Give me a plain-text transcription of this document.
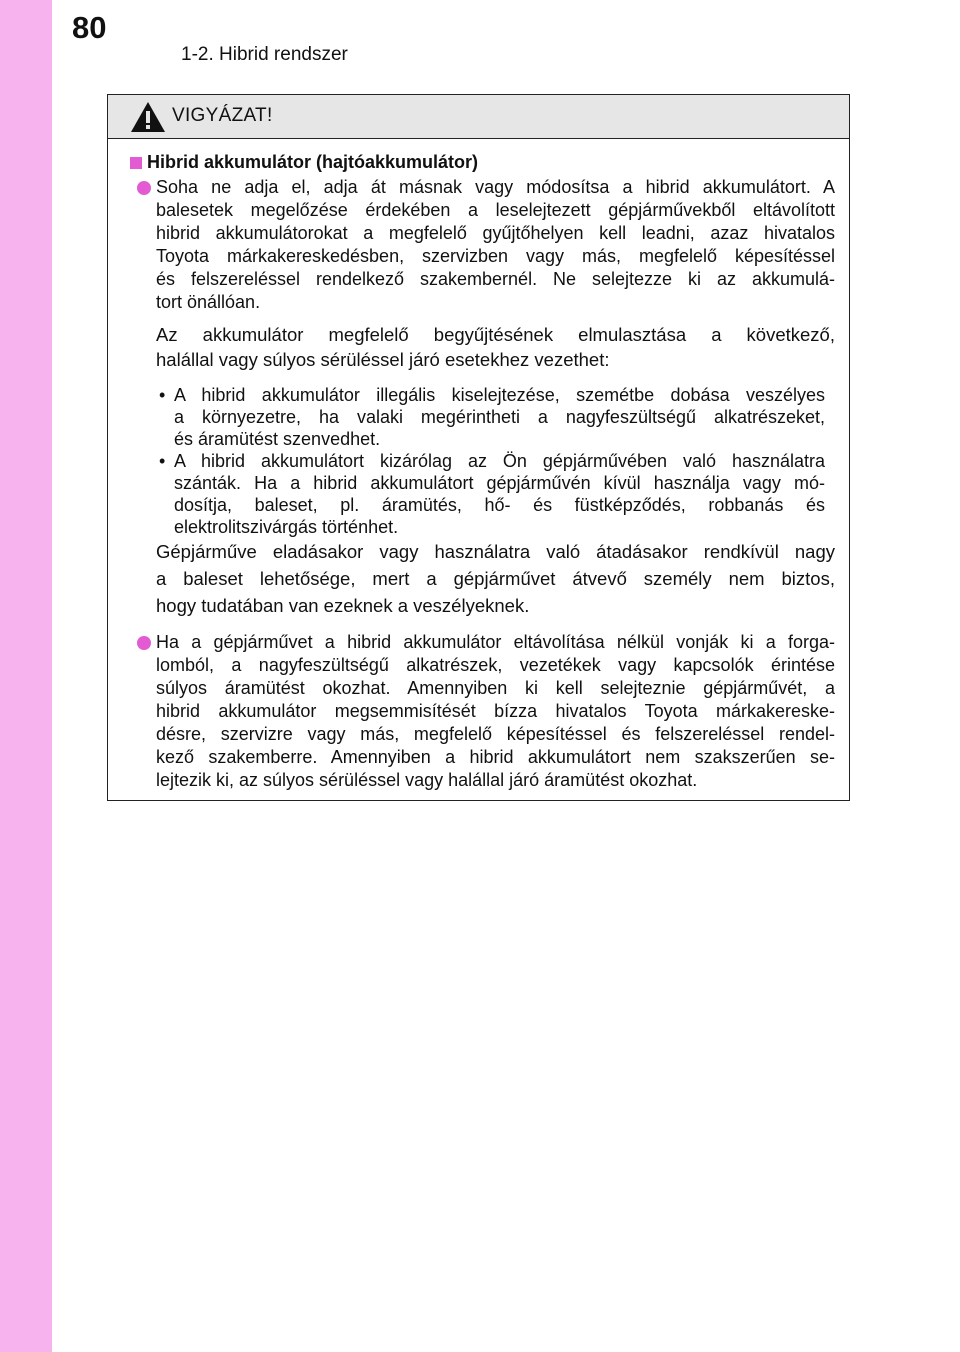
80
1-2. Hibrid rendszer
VIGYÁZAT!
Hibrid akkumulátor (hajtóakkumulátor)
Soha ne adja el, adja át másnak vagy módosítsa a hibrid akkumulátort. A
balesetek megelőzése érdekében a leselejtezett gépjárművekből eltávolított
hibrid akkumulátorokat a megfelelő gyűjtőhelyen kell leadni, azaz hivatalos
Toyota márkakereskedésben, szervizben vagy más, megfelelő képesítéssel
és felszereléssel rendelkező szakembernél. Ne selejtezze ki az akkumulá-
tort önállóan.
Az akkumulátor megfelelő begyűjtésének elmulasztása a következő,
halállal vagy súlyos sérüléssel járó esetekhez vezethet:
• A hibrid akkumulátor illegális kiselejtezése, szemétbe dobása veszélyes
a környezetre, ha valaki megérintheti a nagyfeszültségű alkatrészeket,
és áramütést szenvedhet.
• A hibrid akkumulátort kizárólag az Ön gépjárművében való használatra
szánták. Ha a hibrid akkumulátort gépjárművén kívül használja vagy mó-
dosítja, baleset, pl. áramütés, hő- és füstképződés, robbanás és
elektrolitszivárgás történhet.
Gépjárműve eladásakor vagy használatra való átadásakor rendkívül nagy
a baleset lehetősége, mert a gépjárművet átvevő személy nem biztos,
hogy tudatában van ezeknek a veszélyeknek.
Ha a gépjárművet a hibrid akkumulátor eltávolítása nélkül vonják ki a forga-
lomból, a nagyfeszültségű alkatrészek, vezetékek vagy kapcsolók érintése
súlyos áramütést okozhat. Amennyiben ki kell selejteznie gépjárművét, a
hibrid akkumulátor megsemmisítését bízza hivatalos Toyota márkakereske-
désre, szervizre vagy más, megfelelő képesítéssel és felszereléssel rendel-
kező szakemberre. Amennyiben a hibrid akkumulátort nem szakszerűen se-
lejtezik ki, az súlyos sérüléssel vagy halállal járó áramütést okozhat.
